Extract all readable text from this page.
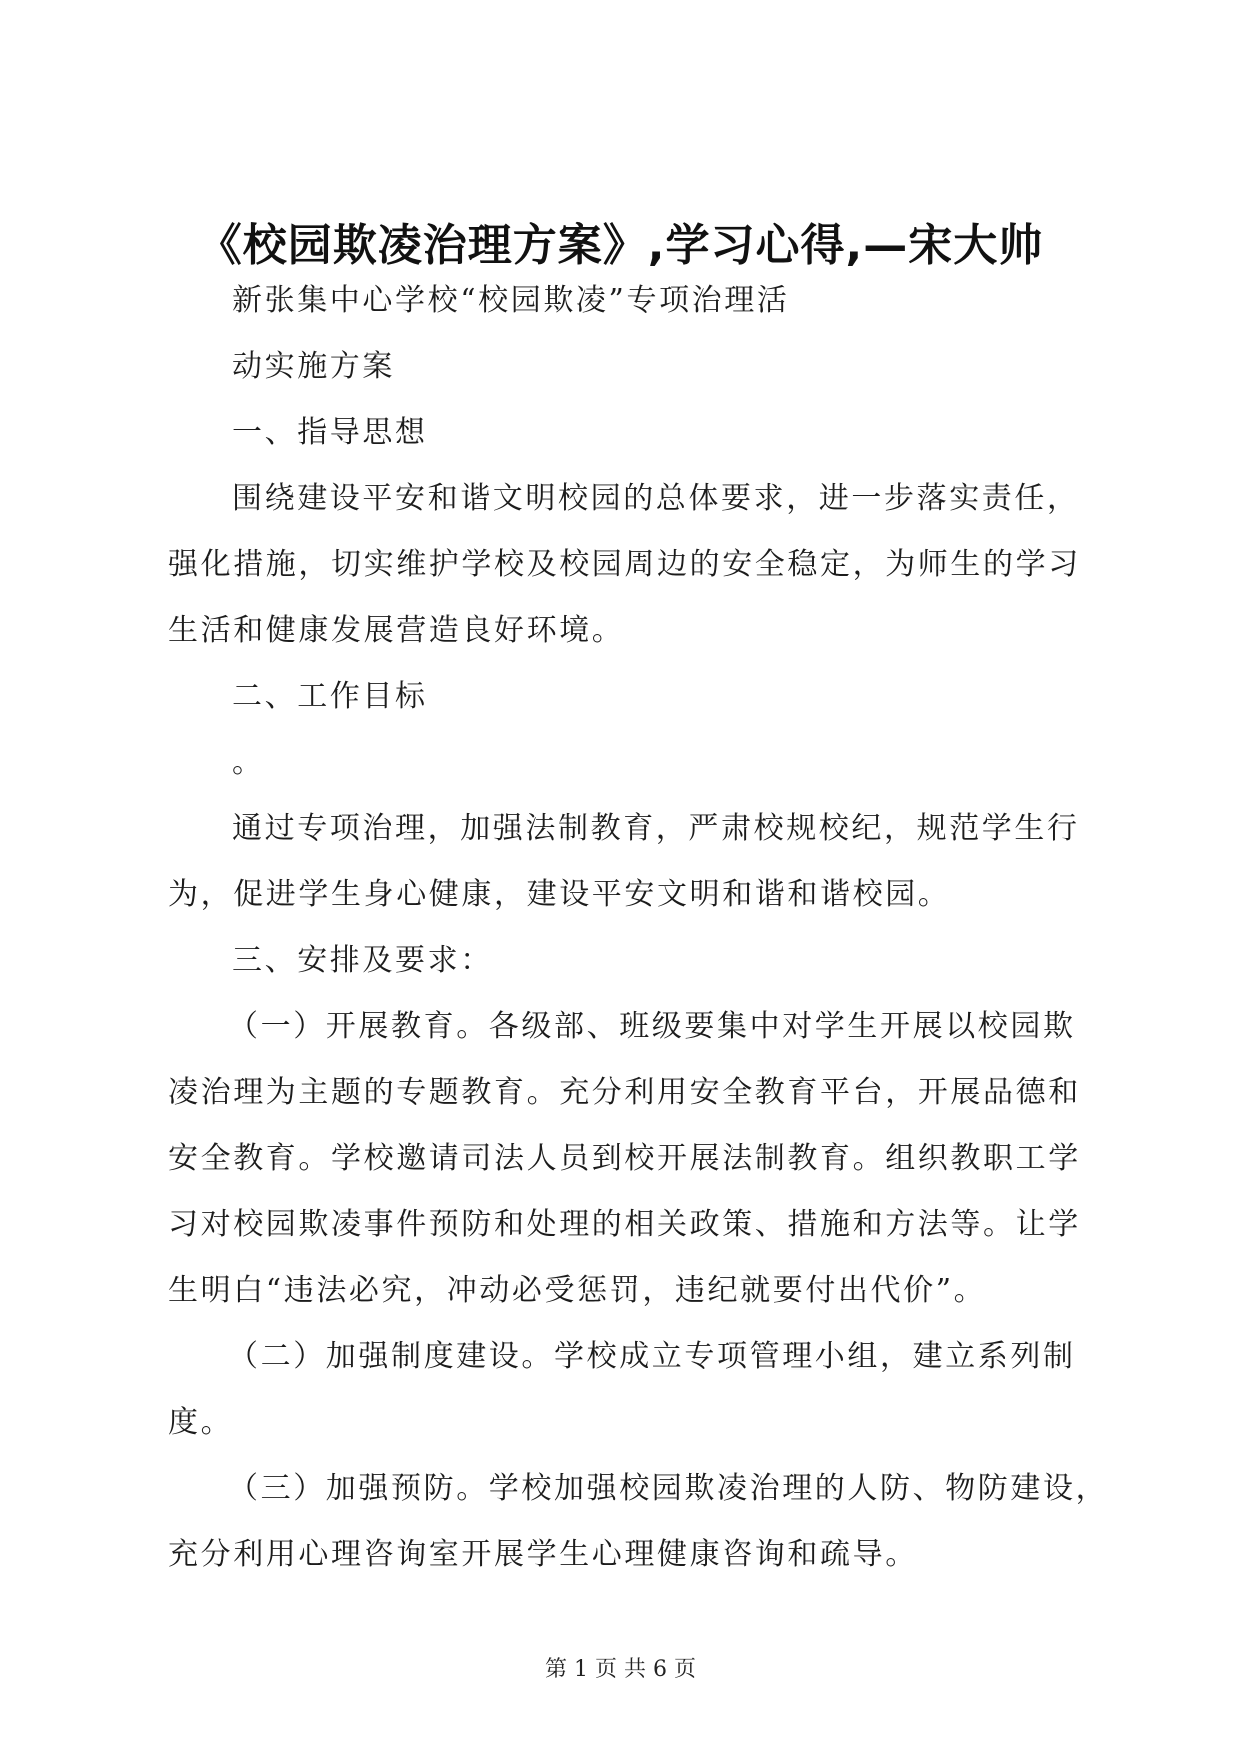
《校园欺凌治理方案》,学习心得,—宋大帅
新张集中心学校“校园欺凌”专项治理活
动实施方案
一、指导思想
围绕建设平安和谐文明校园的总体要求，进一步落实责任，
强化措施，切实维护学校及校园周边的安全稳定，为师生的学习
生活和健康发展营造良好环境。
二、工作目标
。
通过专项治理，加强法制教育，严肃校规校纪，规范学生行
为，促进学生身心健康，建设平安文明和谐和谐校园。
三、安排及要求：
（一）开展教育。各级部、班级要集中对学生开展以校园欺
凌治理为主题的专题教育。充分利用安全教育平台，开展品德和
安全教育。学校邀请司法人员到校开展法制教育。组织教职工学
习对校园欺凌事件预防和处理的相关政策、措施和方法等。让学
生明白“违法必究，冲动必受惩罚，违纪就要付出代价”。
（二）加强制度建设。学校成立专项管理小组，建立系列制
度。
（三）加强预防。学校加强校园欺凌治理的人防、物防建设，
充分利用心理咨询室开展学生心理健康咨询和疏导。
第 1 页 共 6 页
